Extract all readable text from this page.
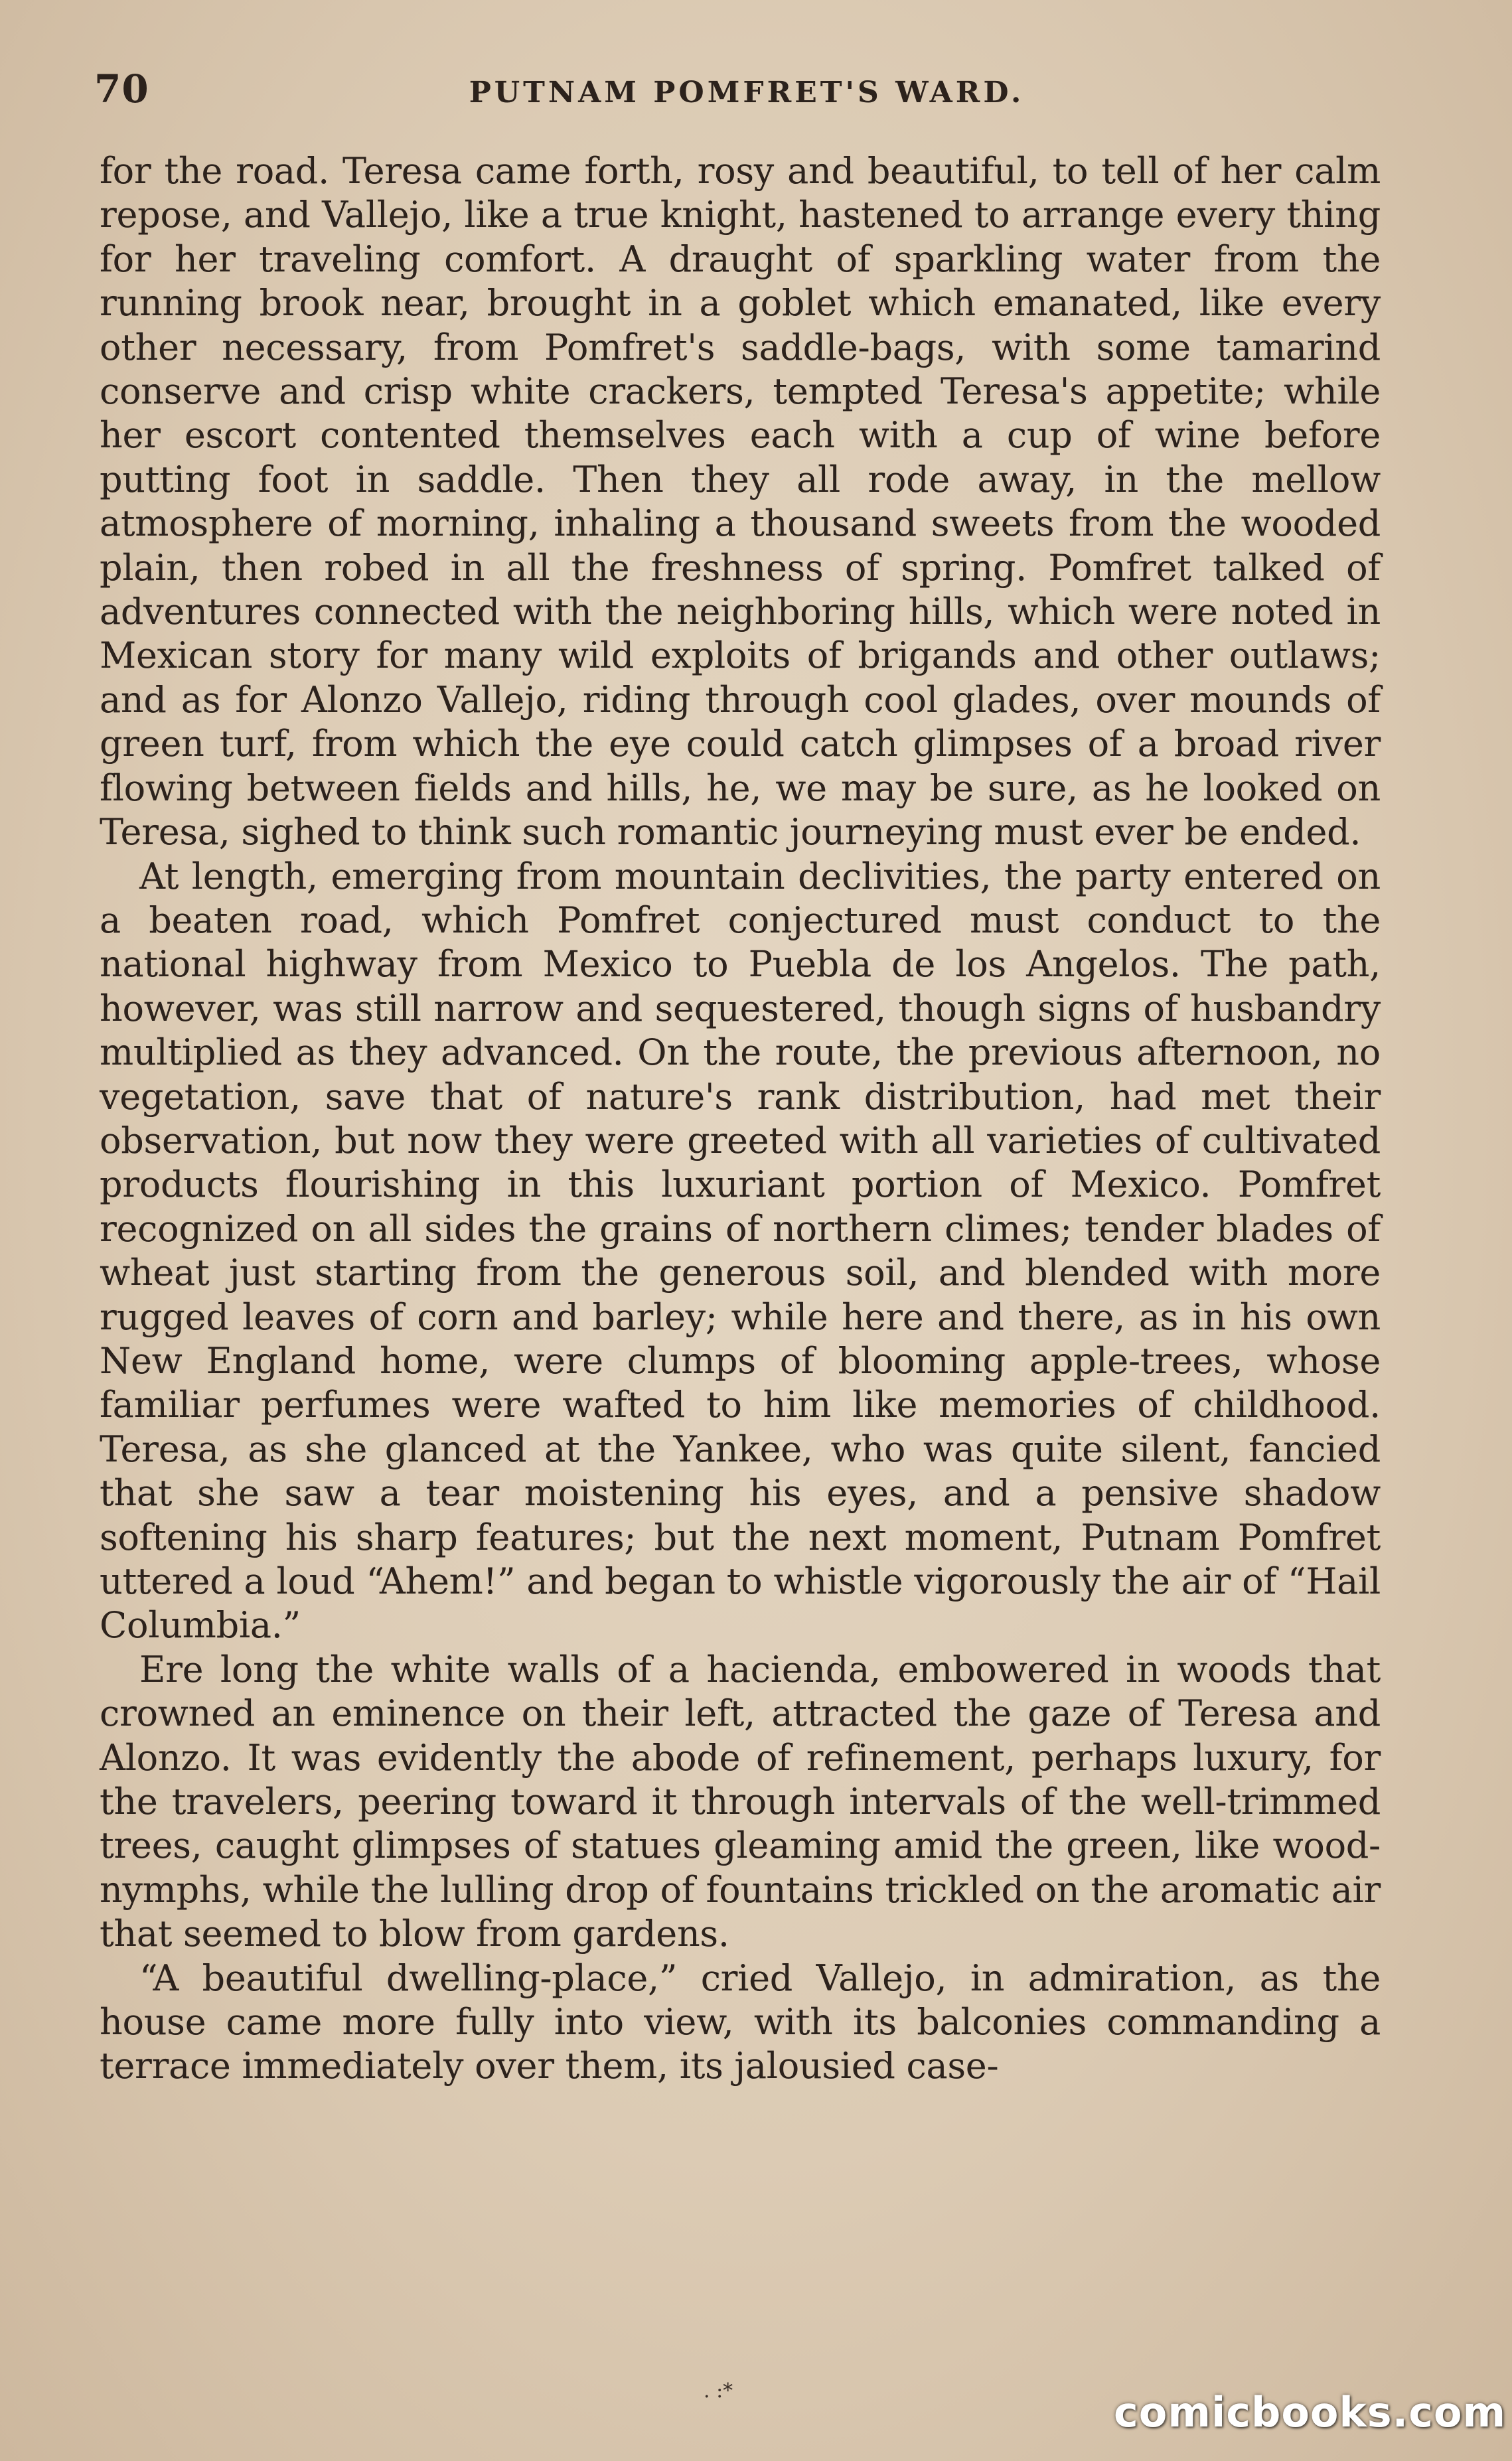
70	PUTNAM POMFRET'S WARD.

for the road. Teresa came forth, rosy and beautiful, to tell of her calm repose, and Vallejo, like a true knight, hastened to arrange every thing for her traveling comfort. A draught of sparkling water from the running brook near, brought in a goblet which emanated, like every other necessary, from Pomfret's saddle-bags, with some tamarind conserve and crisp white crackers, tempted Teresa's appetite; while her escort contented themselves each with a cup of wine before putting foot in saddle. Then they all rode away, in the mellow atmosphere of morning, inhaling a thousand sweets from the wooded plain, then robed in all the freshness of spring. Pomfret talked of adventures connected with the neighboring hills, which were noted in Mexican story for many wild exploits of brigands and other outlaws; and as for Alonzo Vallejo, riding through cool glades, over mounds of green turf, from which the eye could catch glimpses of a broad river flowing between fields and hills, he, we may be sure, as he looked on Teresa, sighed to think such romantic journeying must ever be ended.

At length, emerging from mountain declivities, the party entered on a beaten road, which Pomfret conjectured must conduct to the national highway from Mexico to Puebla de los Angelos. The path, however, was still narrow and sequestered, though signs of husbandry multiplied as they advanced. On the route, the previous afternoon, no vegetation, save that of nature's rank distribution, had met their observation, but now they were greeted with all varieties of cultivated products flourishing in this luxuriant portion of Mexico. Pomfret recognized on all sides the grains of northern climes; tender blades of wheat just starting from the generous soil, and blended with more rugged leaves of corn and barley; while here and there, as in his own New England home, were clumps of blooming apple-trees, whose familiar perfumes were wafted to him like memories of childhood. Teresa, as she glanced at the Yankee, who was quite silent, fancied that she saw a tear moistening his eyes, and a pensive shadow softening his sharp features; but the next moment, Putnam Pomfret uttered a loud “Ahem!” and began to whistle vigorously the air of “Hail Columbia.”

Ere long the white walls of a hacienda, embowered in woods that crowned an eminence on their left, attracted the gaze of Teresa and Alonzo. It was evidently the abode of refinement, perhaps luxury, for the travelers, peering toward it through intervals of the well-trimmed trees, caught glimpses of statues gleaming amid the green, like wood-nymphs, while the lulling drop of fountains trickled on the aromatic air that seemed to blow from gardens.

“A beautiful dwelling-place,” cried Vallejo, in admiration, as the house came more fully into view, with its balconies commanding a terrace immediately over them, its jalousied case-

. :*	comicbooks.com
